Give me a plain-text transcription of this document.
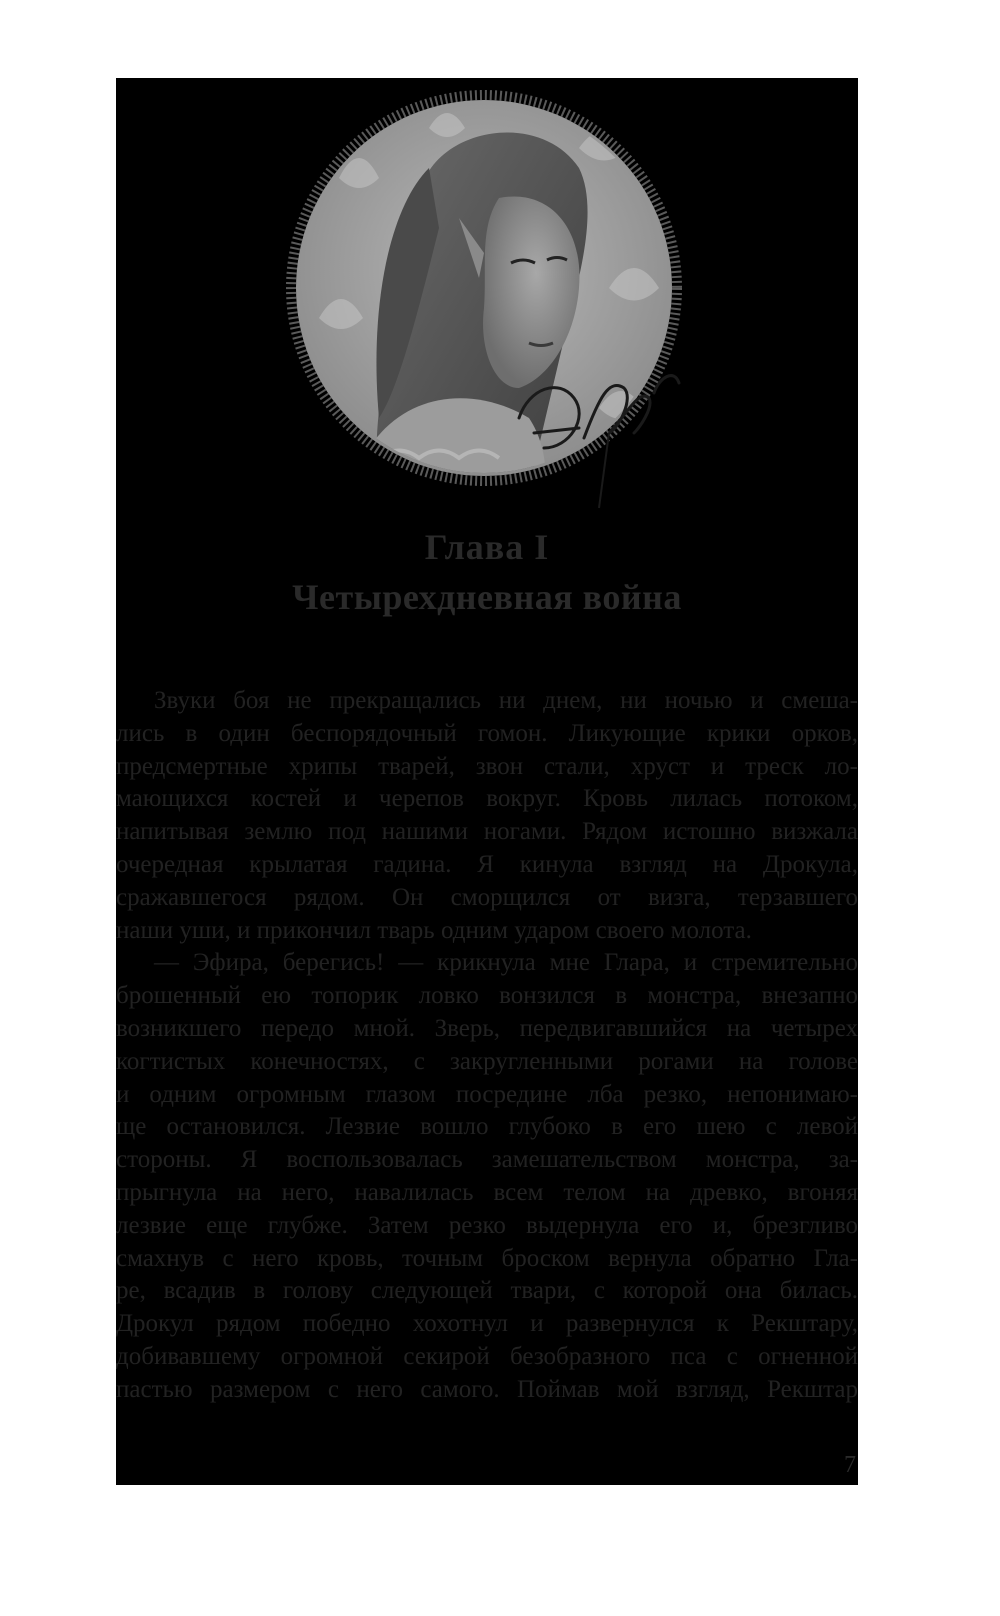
Глава I
Четырехдневная война
Звуки боя не прекращались ни днем, ни ночью и смеша-
лись в один беспорядочный гомон. Ликующие крики орков,
предсмертные хрипы тварей, звон стали, хруст и треск ло-
мающихся костей и черепов вокруг. Кровь лилась потоком,
напитывая землю под нашими ногами. Рядом истошно визжала
очередная крылатая гадина. Я кинула взгляд на Дрокула,
сражавшегося рядом. Он сморщился от визга, терзавшего
наши уши, и прикончил тварь одним ударом своего молота.
— Эфира, берегись! — крикнула мне Глара, и стремительно
брошенный ею топорик ловко вонзился в монстра, внезапно
возникшего передо мной. Зверь, передвигавшийся на четырех
когтистых конечностях, с закругленными рогами на голове
и одним огромным глазом посредине лба резко, непонимаю-
ще остановился. Лезвие вошло глубоко в его шею с левой
стороны. Я воспользовалась замешательством монстра, за-
прыгнула на него, навалилась всем телом на древко, вгоняя
лезвие еще глубже. Затем резко выдернула его и, брезгливо
смахнув с него кровь, точным броском вернула обратно Гла-
ре, всадив в голову следующей твари, с которой она билась.
Дрокул рядом победно хохотнул и развернулся к Рекштару,
добивавшему огромной секирой безобразного пса с огненной
пастью размером с него самого. Поймав мой взгляд, Рекштар
7
